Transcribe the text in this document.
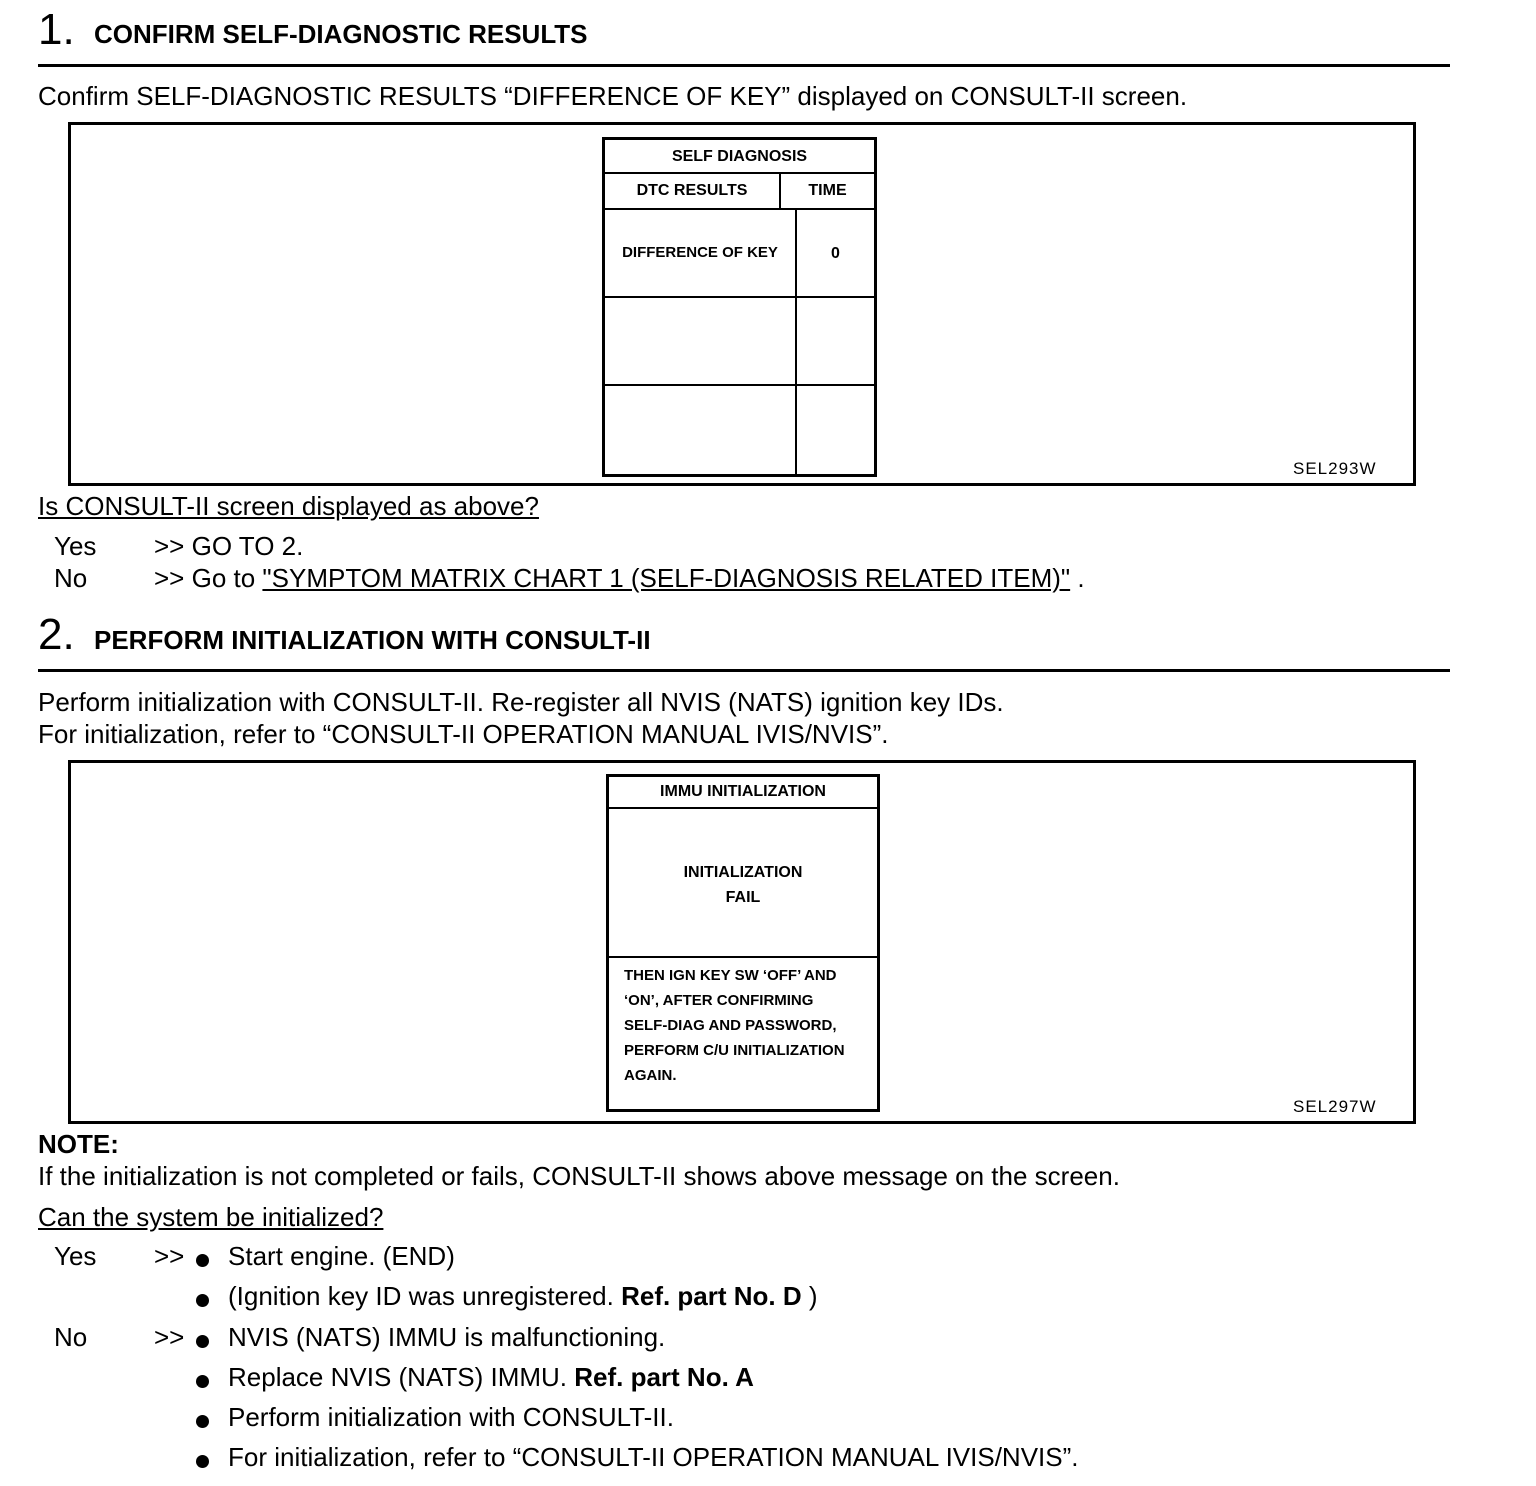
1. CONFIRM SELF-DIAGNOSTIC RESULTS
Confirm SELF-DIAGNOSTIC RESULTS “DIFFERENCE OF KEY” displayed on CONSULT-II screen.
SELF DIAGNOSIS
DTC RESULTS	TIME
DIFFERENCE OF KEY	0
SEL293W
Is CONSULT-II screen displayed as above?
Yes >> GO TO 2.
No	>> Go to "SYMPTOM MATRIX CHART 1 (SELF-DIAGNOSIS RELATED ITEM)" .
2. PERFORM INITIALIZATION WITH CONSULT-II
Perform initialization with CONSULT-II. Re-register all NVIS (NATS) ignition key IDs.
For initialization, refer to “CONSULT-II OPERATION MANUAL IVIS/NVIS”.
IMMU INITIALIZATION
INITIALIZATION
FAIL
THEN IGN KEY SW ‘OFF’ AND
‘ON’, AFTER CONFIRMING
SELF-DIAG AND PASSWORD,
PERFORM C/U INITIALIZATION
AGAIN.
SEL297W
NOTE:
If the initialization is not completed or fails, CONSULT-II shows above message on the screen.
Can the system be initialized?
Yes >> Start engine. (END)
(Ignition key ID was unregistered. Ref. part No. D )
No	>> NVIS (NATS) IMMU is malfunctioning.
Replace NVIS (NATS) IMMU. Ref. part No. A
Perform initialization with CONSULT-II.
For initialization, refer to “CONSULT-II OPERATION MANUAL IVIS/NVIS”.
